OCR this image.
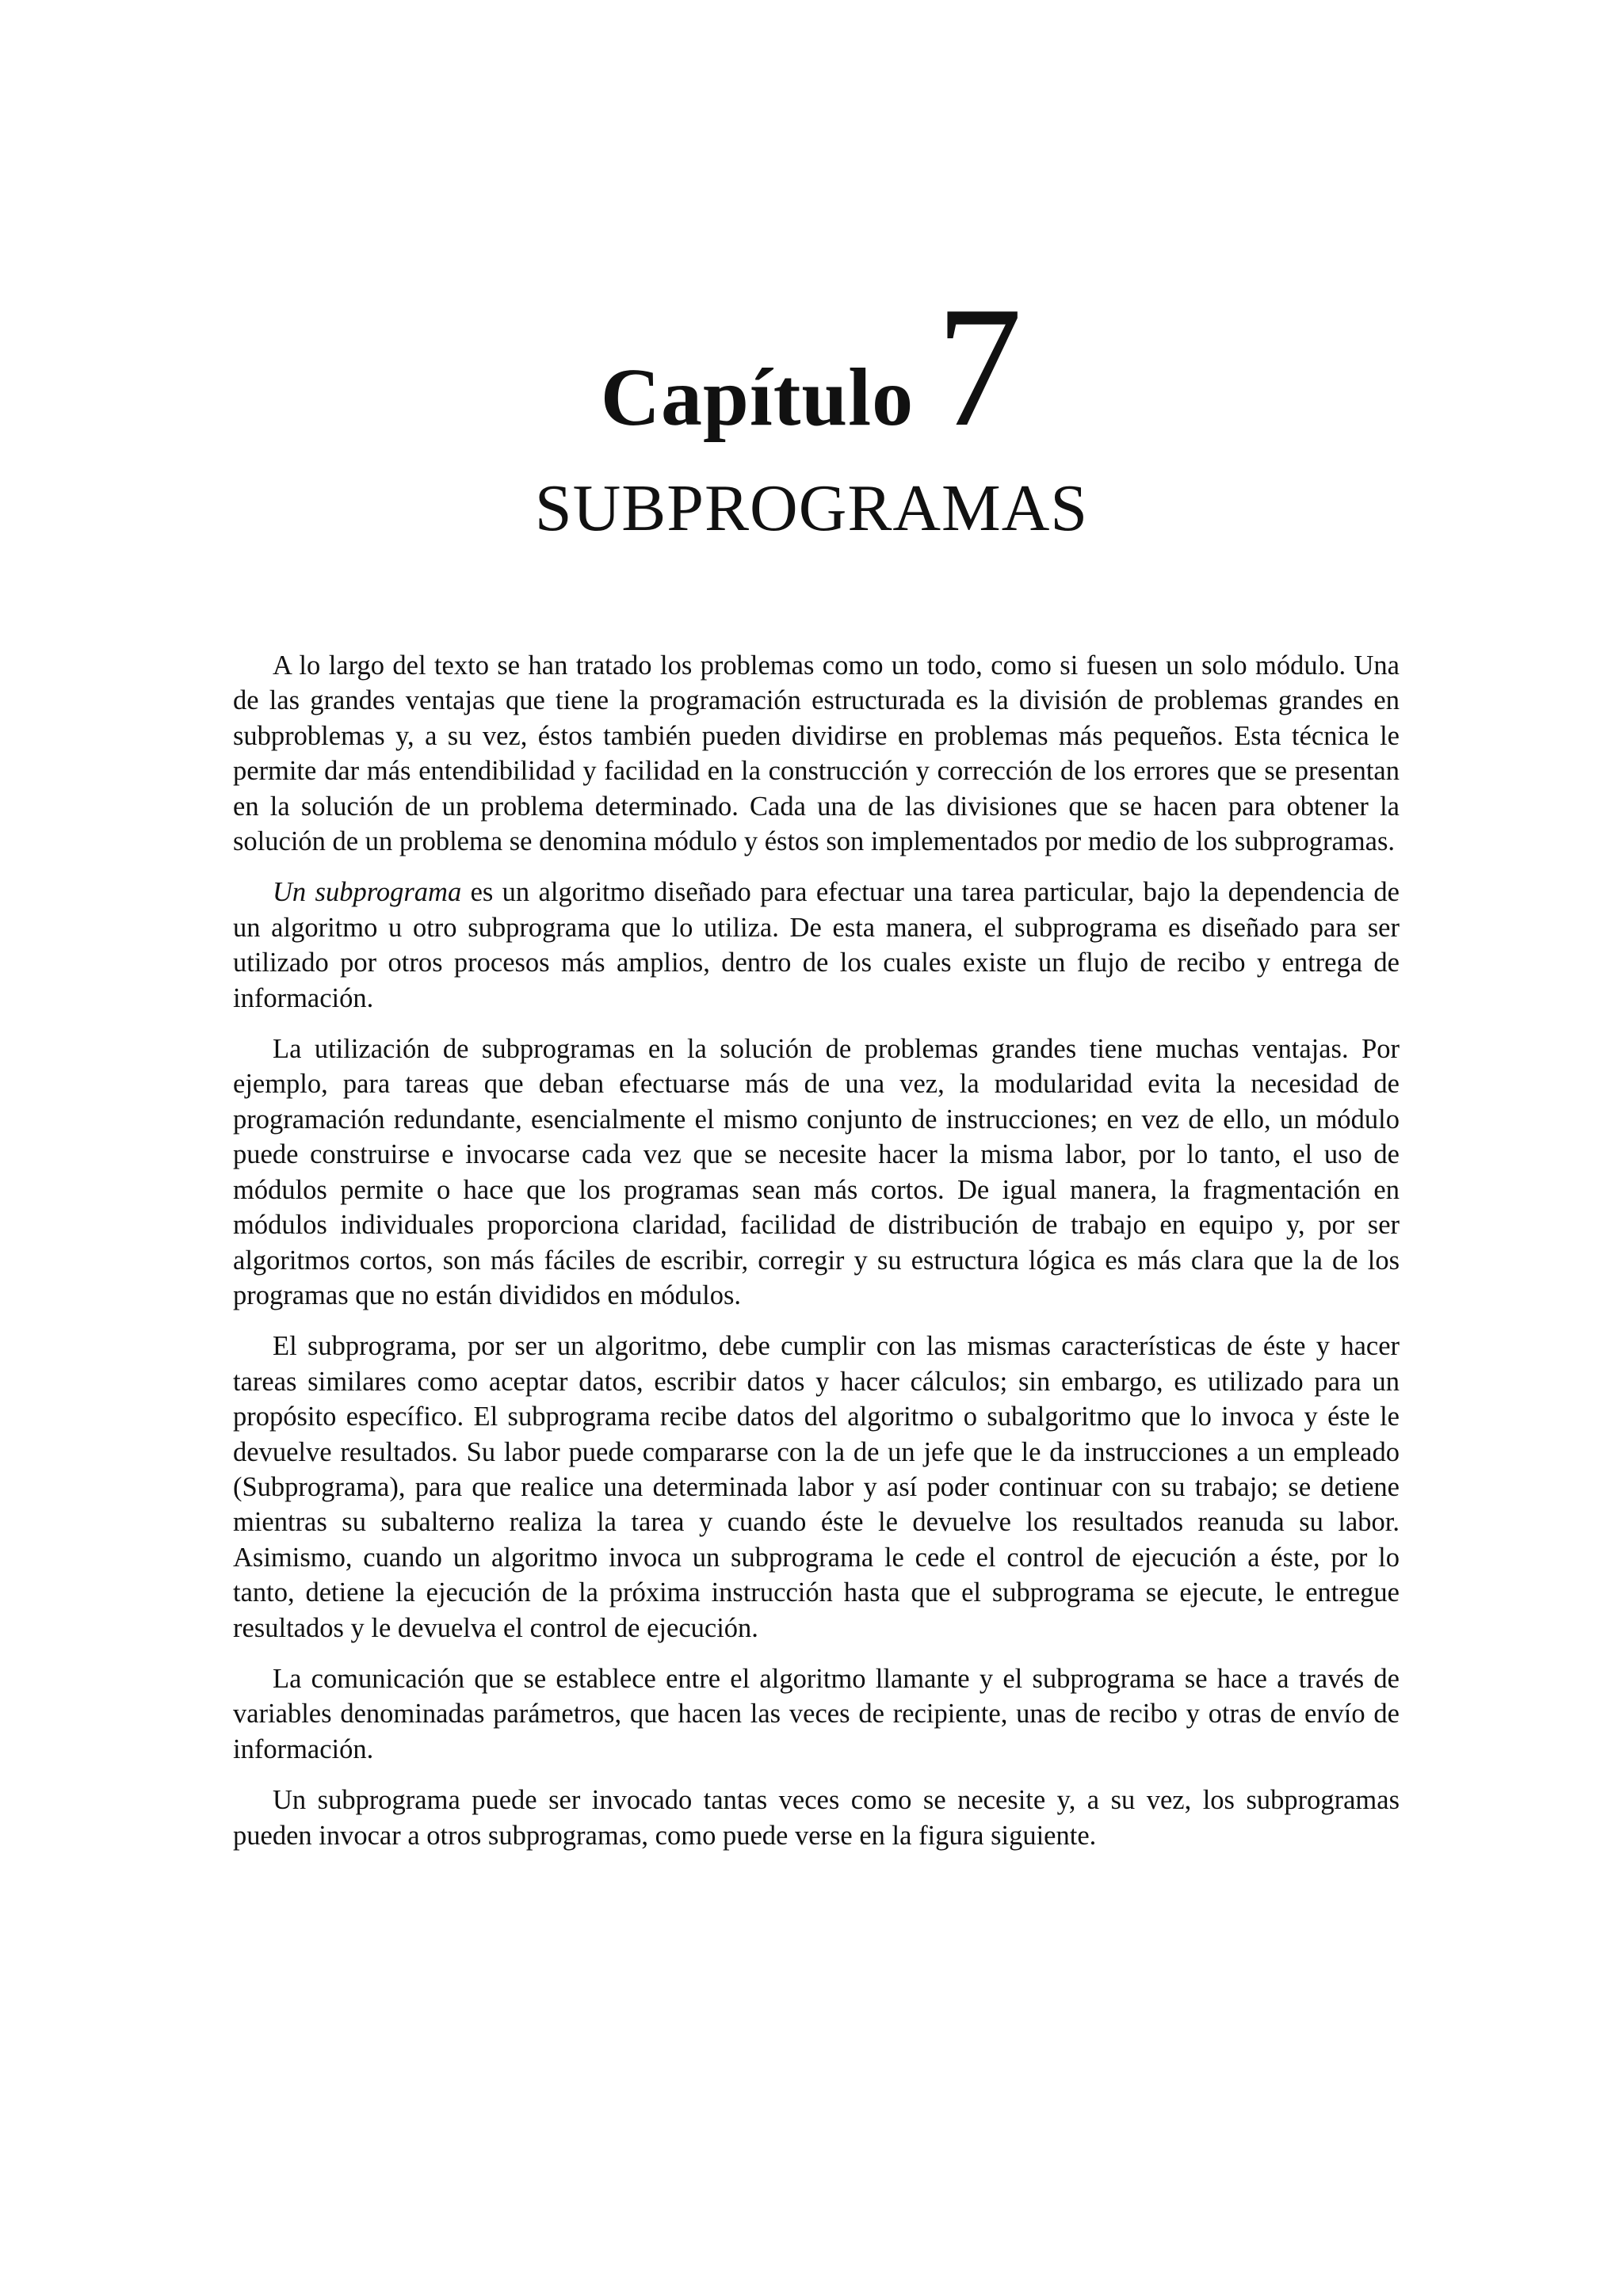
Capítulo 7
SUBPROGRAMAS

A lo largo del texto se han tratado los problemas como un todo, como si fuesen un solo módulo. Una de las grandes ventajas que tiene la programación estructurada es la división de problemas grandes en subproblemas y, a su vez, éstos también pueden dividirse en problemas más pequeños. Esta técnica le permite dar más entendibilidad y facilidad en la construcción y corrección de los errores que se presentan en la solución de un problema determinado. Cada una de las divisiones que se hacen para obtener la solución de un problema se denomina módulo y éstos son implementados por medio de los subprogramas.

Un subprograma es un algoritmo diseñado para efectuar una tarea particular, bajo la dependencia de un algoritmo u otro subprograma que lo utiliza. De esta manera, el subprograma es diseñado para ser utilizado por otros procesos más amplios, dentro de los cuales existe un flujo de recibo y entrega de información.

La utilización de subprogramas en la solución de problemas grandes tiene muchas ventajas. Por ejemplo, para tareas que deban efectuarse más de una vez, la modularidad evita la necesidad de programación redundante, esencialmente el mismo conjunto de instrucciones; en vez de ello, un módulo puede construirse e invocarse cada vez que se necesite hacer la misma labor, por lo tanto, el uso de módulos permite o hace que los programas sean más cortos. De igual manera, la fragmentación en módulos individuales proporciona claridad, facilidad de distribución de trabajo en equipo y, por ser algoritmos cortos, son más fáciles de escribir, corregir y su estructura lógica es más clara que la de los programas que no están divididos en módulos.

El subprograma, por ser un algoritmo, debe cumplir con las mismas características de éste y hacer tareas similares como aceptar datos, escribir datos y hacer cálculos; sin embargo, es utilizado para un propósito específico. El subprograma recibe datos del algoritmo o subalgoritmo que lo invoca y éste le devuelve resultados. Su labor puede compararse con la de un jefe que le da instrucciones a un empleado (Subprograma), para que realice una determinada labor y así poder continuar con su trabajo; se detiene mientras su subalterno realiza la tarea y cuando éste le devuelve los resultados reanuda su labor. Asimismo, cuando un algoritmo invoca un subprograma le cede el control de ejecución a éste, por lo tanto, detiene la ejecución de la próxima instrucción hasta que el subprograma se ejecute, le entregue resultados y le devuelva el control de ejecución.

La comunicación que se establece entre el algoritmo llamante y el subprograma se hace a través de variables denominadas parámetros, que hacen las veces de recipiente, unas de recibo y otras de envío de información.

Un subprograma puede ser invocado tantas veces como se necesite y, a su vez, los subprogramas pueden invocar a otros subprogramas, como puede verse en la figura siguiente.
